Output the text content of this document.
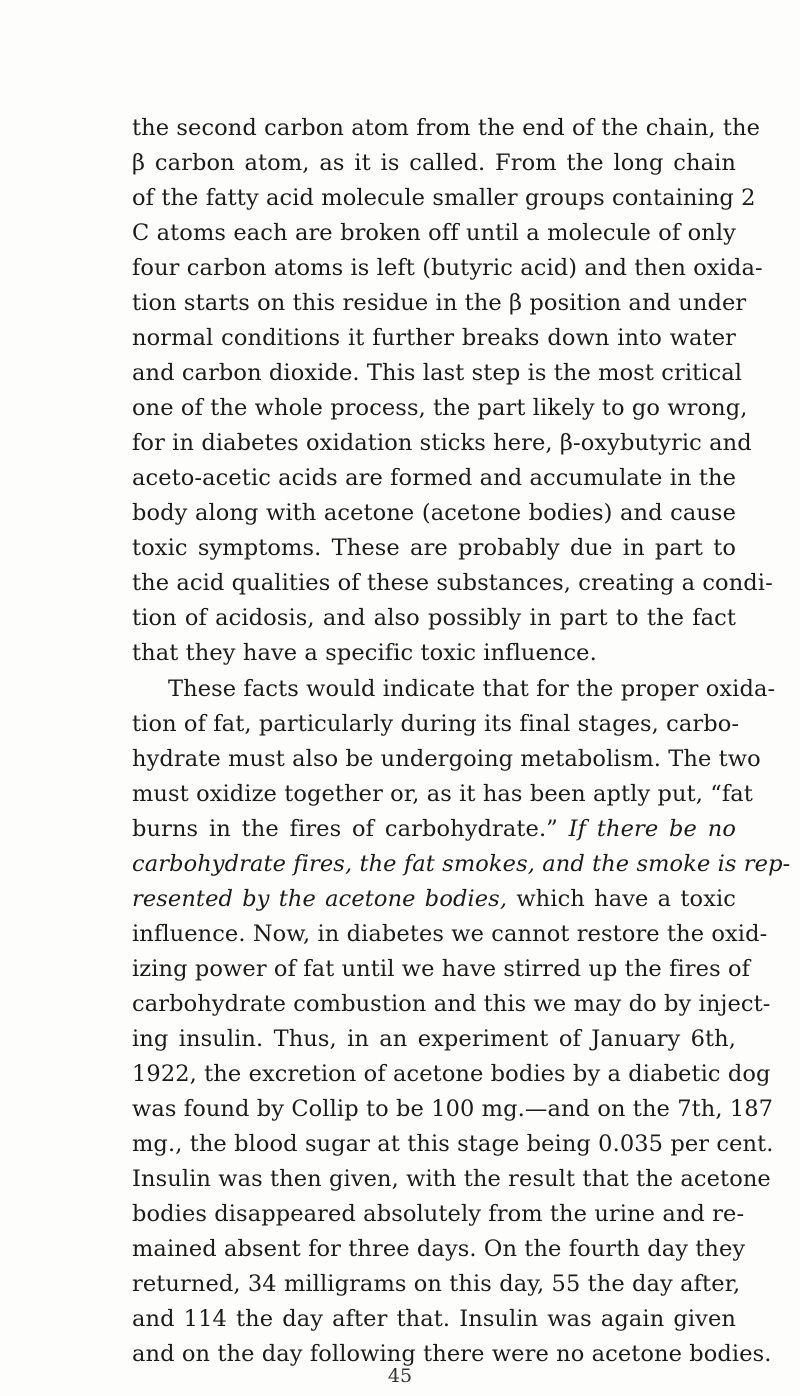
the second carbon atom from the end of the chain, the
β carbon atom, as it is called. From the long chain
of the fatty acid molecule smaller groups containing 2
C atoms each are broken off until a molecule of only
four carbon atoms is left (butyric acid) and then oxida-
tion starts on this residue in the β position and under
normal conditions it further breaks down into water
and carbon dioxide. This last step is the most critical
one of the whole process, the part likely to go wrong,
for in diabetes oxidation sticks here, β-oxybutyric and
aceto-acetic acids are formed and accumulate in the
body along with acetone (acetone bodies) and cause
toxic symptoms. These are probably due in part to
the acid qualities of these substances, creating a condi-
tion of acidosis, and also possibly in part to the fact
that they have a specific toxic influence.
These facts would indicate that for the proper oxida-
tion of fat, particularly during its final stages, carbo-
hydrate must also be undergoing metabolism. The two
must oxidize together or, as it has been aptly put, “fat
burns in the fires of carbohydrate.” If there be no
carbohydrate fires, the fat smokes, and the smoke is rep-
resented by the acetone bodies, which have a toxic
influence. Now, in diabetes we cannot restore the oxid-
izing power of fat until we have stirred up the fires of
carbohydrate combustion and this we may do by inject-
ing insulin. Thus, in an experiment of January 6th,
1922, the excretion of acetone bodies by a diabetic dog
was found by Collip to be 100 mg.—and on the 7th, 187
mg., the blood sugar at this stage being 0.035 per cent.
Insulin was then given, with the result that the acetone
bodies disappeared absolutely from the urine and re-
mained absent for three days. On the fourth day they
returned, 34 milligrams on this day, 55 the day after,
and 114 the day after that. Insulin was again given
and on the day following there were no acetone bodies.
45
